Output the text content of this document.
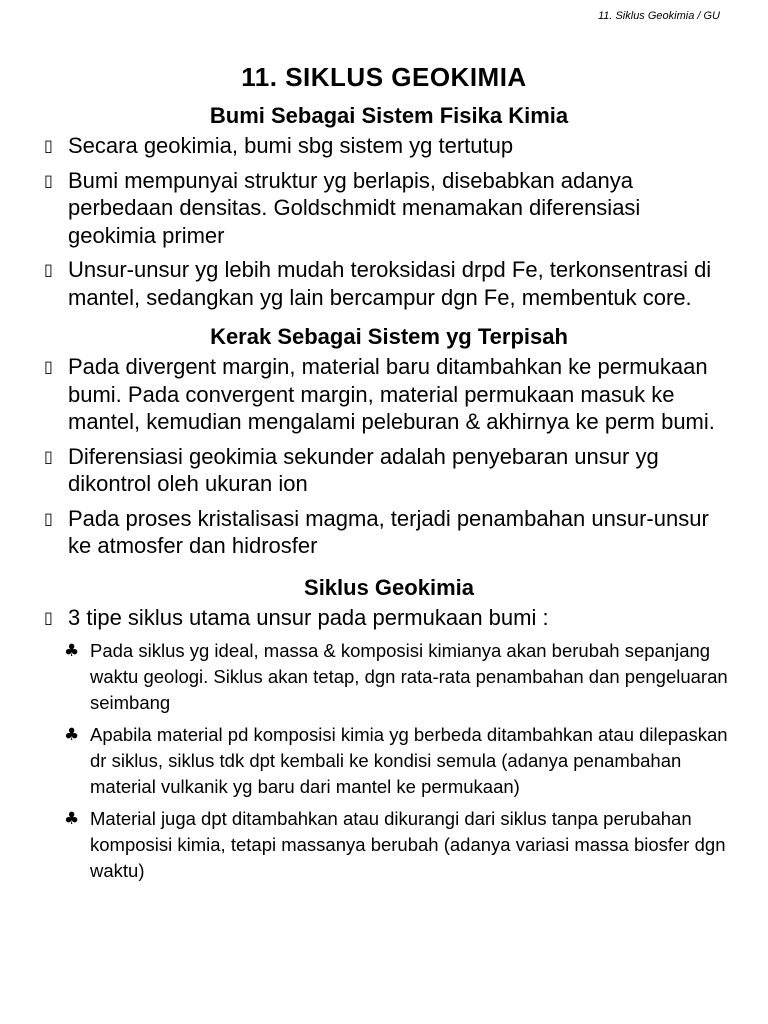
11. Siklus Geokimia / GU
11. SIKLUS GEOKIMIA
Bumi Sebagai Sistem Fisika Kimia
▯ Secara geokimia, bumi sbg sistem yg tertutup
▯ Bumi mempunyai struktur yg berlapis, disebabkan adanya perbedaan densitas. Goldschmidt menamakan diferensiasi geokimia primer
▯ Unsur-unsur yg lebih mudah teroksidasi drpd Fe, terkonsentrasi di mantel, sedangkan yg lain bercampur dgn Fe, membentuk core.
Kerak Sebagai Sistem yg Terpisah
▯ Pada divergent margin, material baru ditambahkan ke permukaan bumi. Pada convergent margin, material permukaan masuk ke mantel, kemudian mengalami peleburan & akhirnya ke perm bumi.
▯ Diferensiasi geokimia sekunder adalah penyebaran unsur yg dikontrol oleh ukuran ion
▯ Pada proses kristalisasi magma, terjadi penambahan unsur-unsur ke atmosfer dan hidrosfer
Siklus Geokimia
▯ 3 tipe siklus utama unsur pada permukaan bumi :
♣ Pada siklus yg ideal, massa & komposisi kimianya akan berubah sepanjang waktu geologi. Siklus akan tetap, dgn rata-rata penambahan dan pengeluaran seimbang
♣ Apabila material pd komposisi kimia yg berbeda ditambahkan atau dilepaskan dr siklus, siklus tdk dpt kembali ke kondisi semula (adanya penambahan material vulkanik yg baru dari mantel ke permukaan)
♣ Material juga dpt ditambahkan atau dikurangi dari siklus tanpa perubahan komposisi kimia, tetapi massanya berubah (adanya variasi massa biosfer dgn waktu)
